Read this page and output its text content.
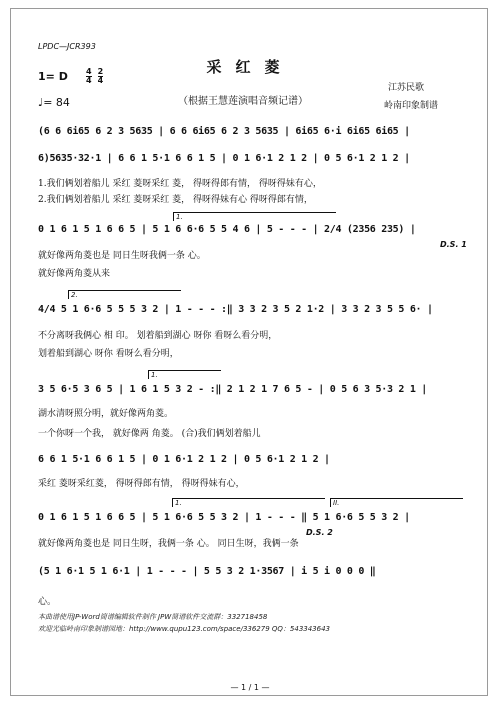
LPDC—JCR393
采红菱
1= D $\frac{4}{4} \frac{2}{4}$
♩= 84	（根据王慧莲演唱音频记谱）
江苏民歌
岭南印象制谱
(6 6 6i65 6 2 3 5635 | 6 6 6i65 6 2 3 5635 | 6i65 6·i 6i65 6i65 |
6)5635·32·1 | 6 6 1 5·1 6 6 1 5 | 0 1 6·1 2 1 2 | 0 5 6·1 2 1 2 |
1.我们俩划着船儿 采红 菱呀采红 菱， 得呀得郎有情， 得呀得妹有心，
2.我们俩划着船儿 采红 菱呀采红 菱， 得呀得妹有心 得呀得郎有情，
1.
0 1 6 1 5 1 6 6 5 | 5 1 6 6·6 5 5 4 6 | 5 - - - | 2/4 (2356 235) |
D.S. 1
就好像两角菱也是 同日生呀我俩一条 心。
就好像两角菱从来
2.
4/4 5 1 6·6 5 5 5 3 2 | 1 - - - :‖ 3 3 2 3 5 2 1·2 | 3 3 2 3 5 5 6· |
不分离呀我俩心 相 印。 划着船到湖心 呀你 看呀么看分明，
划着船到湖心 呀你 看呀么看分明，
1.
3 5 6·5 3 6 5 | 1 6 1 5 3 2 - :‖ 2 1 2 1 7 6 5 - | 0 5 6 3 5·3 2 1 |
湖水清呀照分明，就好像两角菱。
一个你呀一个我， 就好像两 角菱。 (合)我们俩划着船儿
6 6 1 5·1 6 6 1 5 | 0 1 6·1 2 1 2 | 0 5 6·1 2 1 2 |
采红 菱呀采红菱， 得呀得郎有情， 得呀得妹有心，
1.	II.
0 1 6 1 5 1 6 6 5 | 5 1 6·6 5 5 3 2 | 1 - - - ‖ 5 1 6·6 5 5 3 2 |
D.S. 2
就好像两角菱也是 同日生呀，我俩一条 心。 同日生呀，我俩一条
(5 1 6·1 5 1 6·1 | 1 - - - | 5 5 3 2 1·3567 | i 5 i 0 0 0 ‖
心。
本曲谱使用JP-Word简谱编辑软件制作 JPW简谱软件交流群：332718458
欢迎光临岭南印象制谱园地：http://www.qupu123.com/space/336279 QQ：543343643
— 1 / 1 —
